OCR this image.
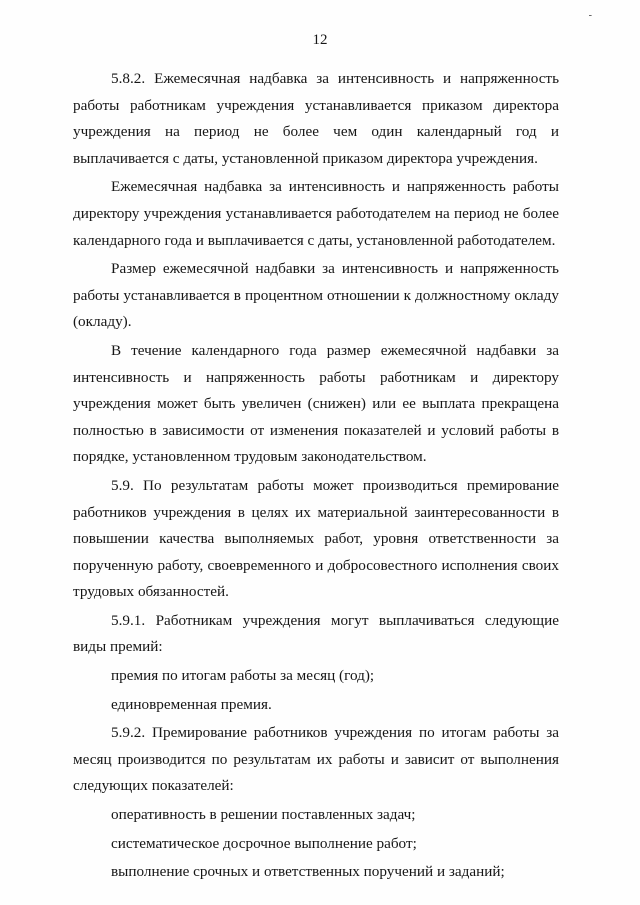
-
12

5.8.2. Ежемесячная надбавка за интенсивность и напряженность работы работникам учреждения устанавливается приказом директора учреждения на период не более чем один календарный год и выплачивается с даты, установленной приказом директора учреждения.

Ежемесячная надбавка за интенсивность и напряженность работы директору учреждения устанавливается работодателем на период не более календарного года и выплачивается с даты, установленной работодателем.

Размер ежемесячной надбавки за интенсивность и напряженность работы устанавливается в процентном отношении к должностному окладу (окладу).

В течение календарного года размер ежемесячной надбавки за интенсивность и напряженность работы работникам и директору учреждения может быть увеличен (снижен) или ее выплата прекращена полностью в зависимости от изменения показателей и условий работы в порядке, установленном трудовым законодательством.

5.9. По результатам работы может производиться премирование работников учреждения в целях их материальной заинтересованности в повышении качества выполняемых работ, уровня ответственности за порученную работу, своевременного и добросовестного исполнения своих трудовых обязанностей.

5.9.1. Работникам учреждения могут выплачиваться следующие виды премий:

премия по итогам работы за месяц (год);

единовременная премия.

5.9.2. Премирование работников учреждения по итогам работы за месяц производится по результатам их работы и зависит от выполнения следующих показателей:

оперативность в решении поставленных задач;

систематическое досрочное выполнение работ;

выполнение срочных и ответственных поручений и заданий;
